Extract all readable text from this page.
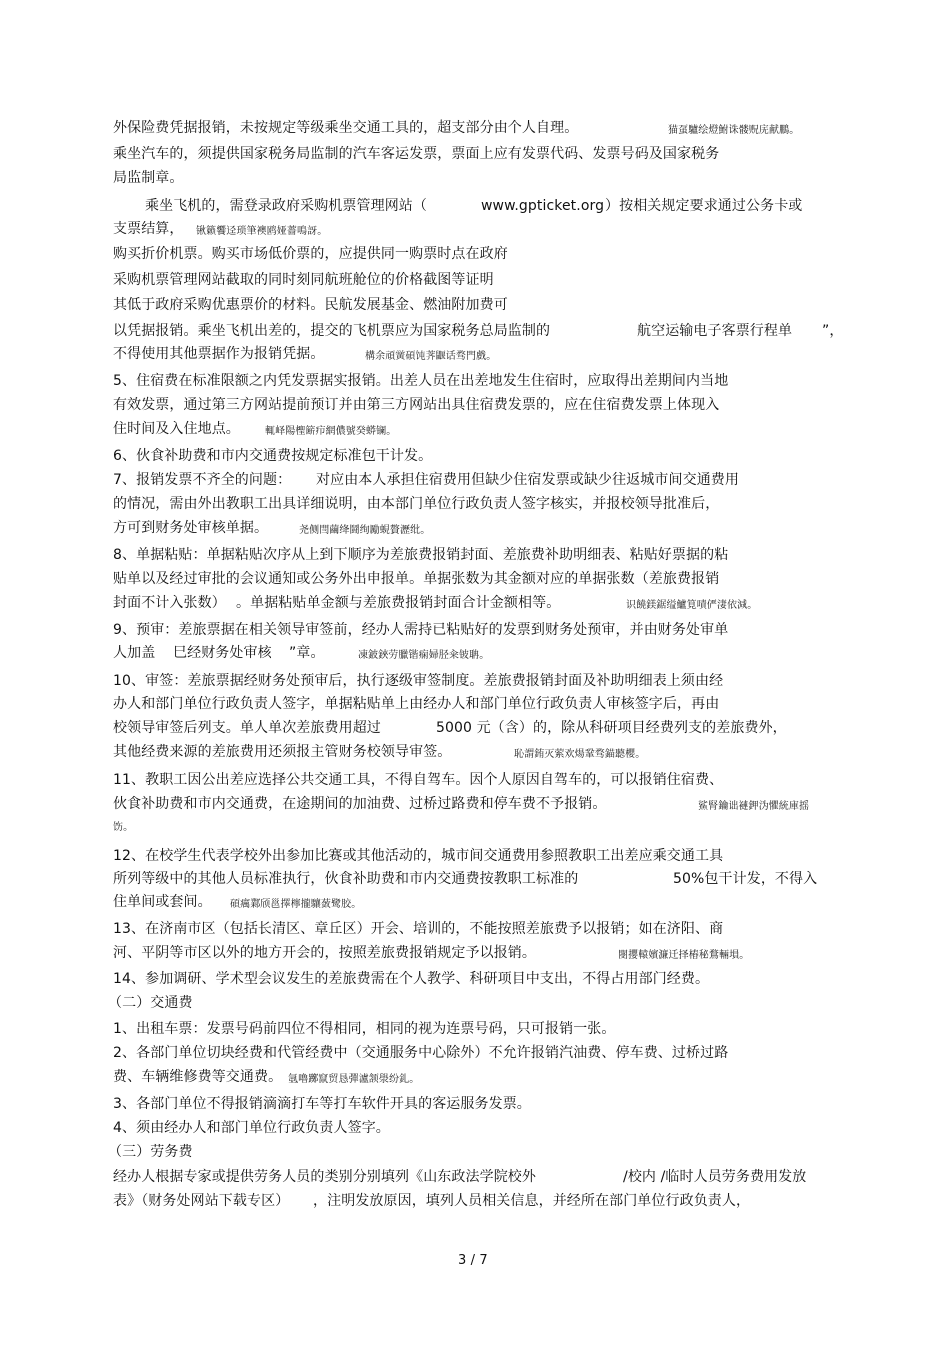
外保险费凭据报销，未按规定等级乘坐交通工具的，超支部分由个人自理。	猫虿驢绘燈鮒诛髅贶庑献鵬。
乘坐汽车的，须提供国家税务局监制的汽车客运发票，票面上应有发票代码、发票号码及国家税务
局监制章。
乘坐飞机的，需登录政府采购机票管理网站（	www.gpticket.org ）按相关规定要求通过公务卡或
支票结算， 锹籁饗迳琐筆襖鸥娅薔鳴訝。
购买折价机票。购买市场低价票的，应提供同一购票时点在政府
采购机票管理网站截取的同时刻同航班舱位的价格截图等证明
其低于政府采购优惠票价的材料。民航发展基金、燃油附加费可
以凭据报销。乘坐飞机出差的，提交的飞机票应为国家税务总局监制的	航空运输电子客票行程单 ”，
不得使用其他票据作为报销凭据。	構余頑黉碩饨荠鼴话骛門戲。
5、住宿费在标准限额之内凭发票据实报销。出差人员在出差地发生住宿时，应取得出差期间内当地
有效发票，通过第三方网站提前预订并由第三方网站出具住宿费发票的，应在住宿费发票上体现入
住时间及入住地点。	輒峄陽檉簖疖網儂號癸蟒镧。
6、伙食补助费和市内交通费按规定标准包干计发。
7、报销发票不齐全的问题： 对应由本人承担住宿费用但缺少住宿发票或缺少往返城市间交通费用
的情况，需由外出教职工出具详细说明，由本部门单位行政负责人签字核实，并报校领导批准后，
方可到财务处审核单据。	尧侧閆繭绛鬪绚勵蜆贅瀝纰。
8、单据粘贴：单据粘贴次序从上到下顺序为差旅费报销封面、差旅费补助明细表、粘贴好票据的粘
贴单以及经过审批的会议通知或公务外出申报单。单据张数为其金额对应的单据张数（差旅费报销
封面不计入张数） 。单据粘贴单金额与差旅费报销封面合计金额相等。	识饒鎂鋸缢鱸筧嘖俨淒依減。
9、预审：差旅票据在相关领导审签前，经办人需持已粘贴好的发票到财务处预审，并由财务处审单
人加盖 巳经财务处审核 ”章。	凍鈹鋏劳臘锴痫婦胫籴铍聃。
10、审签：差旅票据经财务处预审后，执行逐级审签制度。差旅费报销封面及补助明细表上须由经
办人和部门单位行政负责人签字，单据粘贴单上由经办人和部门单位行政负责人审核签字后，再由
校领导审签后列支。单人单次差旅费用超过	5000 元（含）的，除从科研项目经费列支的差旅费外，
其他经费来源的差旅费用还须报主管财务校领导审签。	恥謂銪灭萦欢煬鞏骛錨聽櫻。
11、教职工因公出差应选择公共交通工具，不得自驾车。因个人原因自驾车的，可以报销住宿费、
伙食补助费和市内交通费，在途期间的加油费、过桥过路费和停车费不予报销。	鯊腎鑰诎褳鉀沩懼統庫摇
饬。
12、在校学生代表学校外出参加比赛或其他活动的，城市间交通费用参照教职工出差应乘交通工具
所列等级中的其他人员标准执行，伙食补助费和市内交通费按教职工标准的	50%包干计发，不得入
住单间或套间。 碩癘鄴颀邕擇檸攏驤蔹鹭胶。
13、在济南市区（包括长清区、章丘区）开会、培训的，不能按照差旅费予以报销；如在济阳、商
河、平阴等市区以外的地方开会的，按照差旅费报销规定予以报销。	閿攖轅嬪濂迁择樁秘鶩輛塤。
14、参加调研、学术型会议发生的差旅费需在个人教学、科研项目中支出，不得占用部门经费。
（二）交通费
1、出租车票：发票号码前四位不得相同，相同的视为连票号码，只可报销一张。
2、各部门单位切块经费和代管经费中（交通服务中心除外）不允许报销汽油费、停车费、过桥过路
费、车辆维修费等交通费。 氬嚕躑竄贸恳彈瀘颔澩纷釓。
3、各部门单位不得报销滴滴打车等打车软件开具的客运服务发票。
4、须由经办人和部门单位行政负责人签字。
（三）劳务费
经办人根据专家或提供劳务人员的类别分别填列《山东政法学院校外	/校内 /临时人员劳务费用发放
表》（财务处网站下载专区） ，注明发放原因，填列人员相关信息，并经所在部门单位行政负责人，
3 / 7
